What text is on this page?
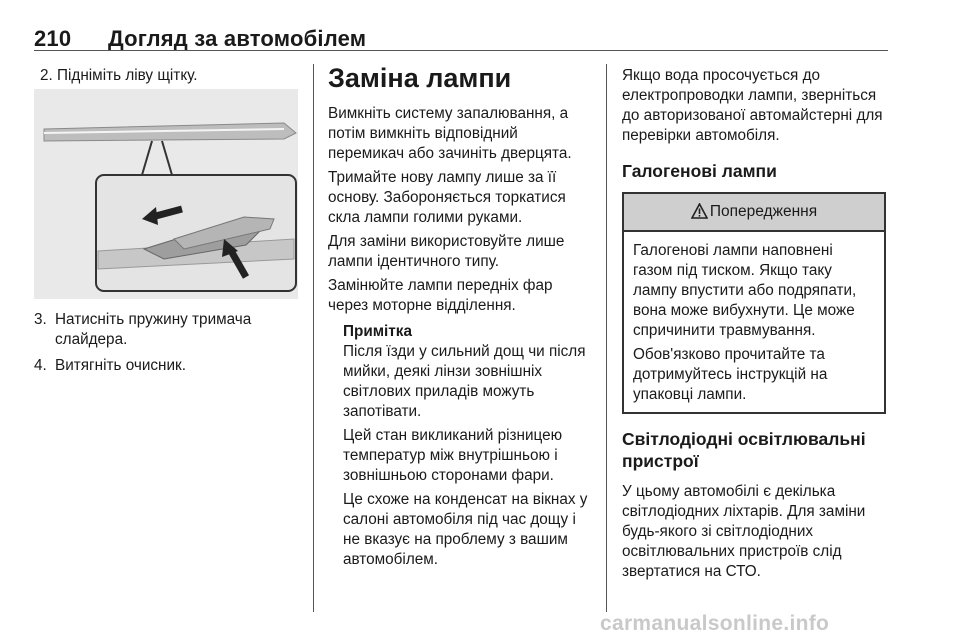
210 Догляд за автомобілем

2. Підніміть ліву щітку.

3. Натисніть пружину тримача слайдера.
4. Витягніть очисник.
Заміна лампи

Вимкніть систему запалювання, а потім вимкніть відповідний перемикач або зачиніть дверцята.

Тримайте нову лампу лише за її основу. Забороняється торкатися скла лампи голими руками.

Для заміни використовуйте лише лампи ідентичного типу.

Замінюйте лампи передніх фар через моторне відділення.

Примітка

Після їзди у сильний дощ чи після мийки, деякі лінзи зовнішніх світлових приладів можуть запотівати.

Цей стан викликаний різницею температур між внутрішньою і зовнішньою сторонами фари.

Це схоже на конденсат на вікнах у салоні автомобіля під час дощу і не вказує на проблему з вашим автомобілем.

Якщо вода просочується до електропроводки лампи, зверніться до авторизованої автомайстерні для перевірки автомобіля.

Галогенові лампи
Попередження

Галогенові лампи наповнені газом під тиском. Якщо таку лампу впустити або подряпати, вона може вибухнути. Це може спричинити травмування.

Обов'язково прочитайте та дотримуйтесь інструкцій на упаковці лампи.

Світлодіодні освітлювальні пристрої

У цьому автомобілі є декілька світлодіодних ліхтарів. Для заміни будь-якого зі світлодіодних освітлювальних пристроїв слід звертатися на СТО.

carmanualsonline.info
